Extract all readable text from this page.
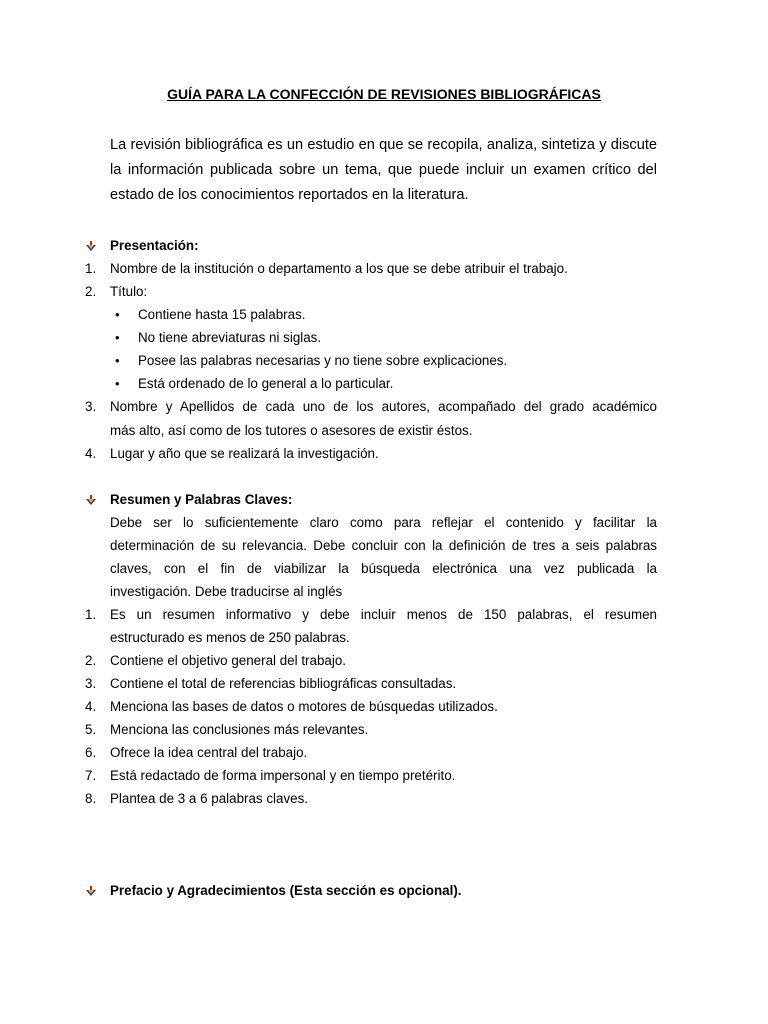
GUÍA PARA LA CONFECCIÓN DE REVISIONES BIBLIOGRÁFICAS
La revisión bibliográfica es un estudio en que se recopila, analiza, sintetiza y discute la información publicada sobre un tema, que puede incluir un examen crítico del estado de los conocimientos reportados en la literatura.
Presentación:
1. Nombre de la institución o departamento a los que se debe atribuir el trabajo.
2. Título:
• Contiene hasta 15 palabras.
• No tiene abreviaturas ni siglas.
• Posee las palabras necesarias y no tiene sobre explicaciones.
• Está ordenado de lo general a lo particular.
3. Nombre y Apellidos de cada uno de los autores, acompañado del grado académico
más alto, así como de los tutores o asesores de existir éstos.
4. Lugar y año que se realizará la investigación.
Resumen y Palabras Claves:
Debe ser lo suficientemente claro como para reflejar el contenido y facilitar la
determinación de su relevancia. Debe concluir con la definición de tres a seis palabras
claves, con el fin de viabilizar la búsqueda electrónica una vez publicada la
investigación. Debe traducirse al inglés
1. Es un resumen informativo y debe incluir menos de 150 palabras, el resumen
estructurado es menos de 250 palabras.
2. Contiene el objetivo general del trabajo.
3. Contiene el total de referencias bibliográficas consultadas.
4. Menciona las bases de datos o motores de búsquedas utilizados.
5. Menciona las conclusiones más relevantes.
6. Ofrece la idea central del trabajo.
7. Está redactado de forma impersonal y en tiempo pretérito.
8. Plantea de 3 a 6 palabras claves.
Prefacio y Agradecimientos (Esta sección es opcional).
